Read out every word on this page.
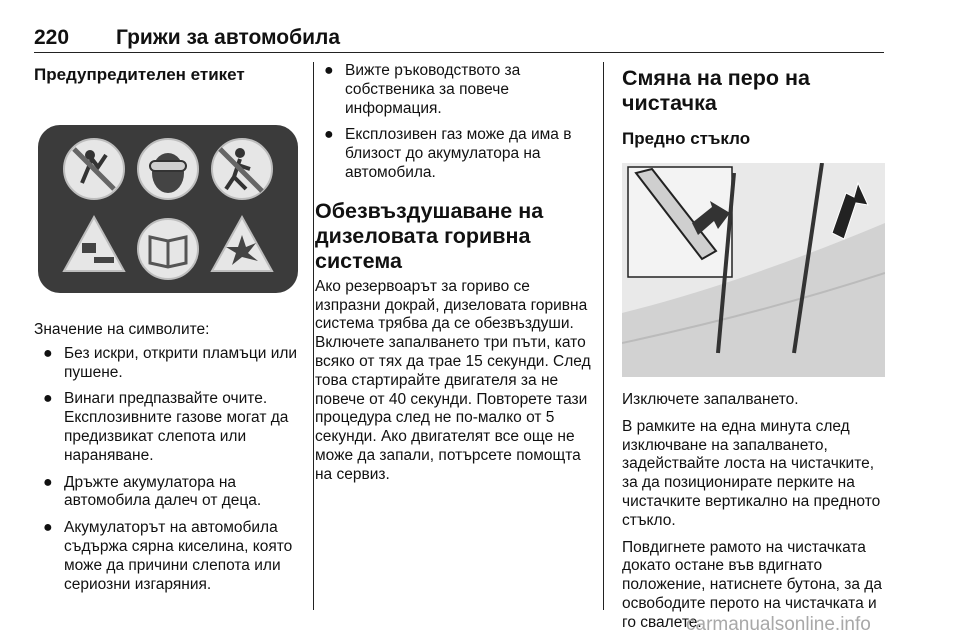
220 Грижи за автомобила
Предупредителен етикет
Значение на символите:
● Без искри, открити пламъци или пушене.
● Винаги предпазвайте очите. Експлозивните газове могат да предизвикат слепота или нараняване.
● Дръжте акумулатора на автомобила далеч от деца.
● Акумулаторът на автомобила съдържа сярна киселина, която може да причини слепота или сериозни изгаряния.
● Вижте ръководството за собственика за повече информация.
● Експлозивен газ може да има в близост до акумулатора на автомобила.
Обезвъздушаване на дизеловата горивна система
Ако резервоарът за гориво се изпразни докрай, дизеловата горивна система трябва да се обезвъздуши. Включете запалването три пъти, като всяко от тях да трае 15 секунди. След това стартирайте двигателя за не повече от 40 секунди. Повторете тази процедура след не по-малко от 5 секунди. Ако двигателят все още не може да запали, потърсете помощта на сервиз.
Смяна на перо на чистачка
Предно стъкло
Изключете запалването.
В рамките на една минута след изключване на запалването, задействайте лоста на чистачките, за да позиционирате перките на чистачките вертикално на предното стъкло.
Повдигнете рамото на чистачката докато остане във вдигнато положение, натиснете бутона, за да освободите перото на чистачката и го свалете.
carmanualsonline.info
